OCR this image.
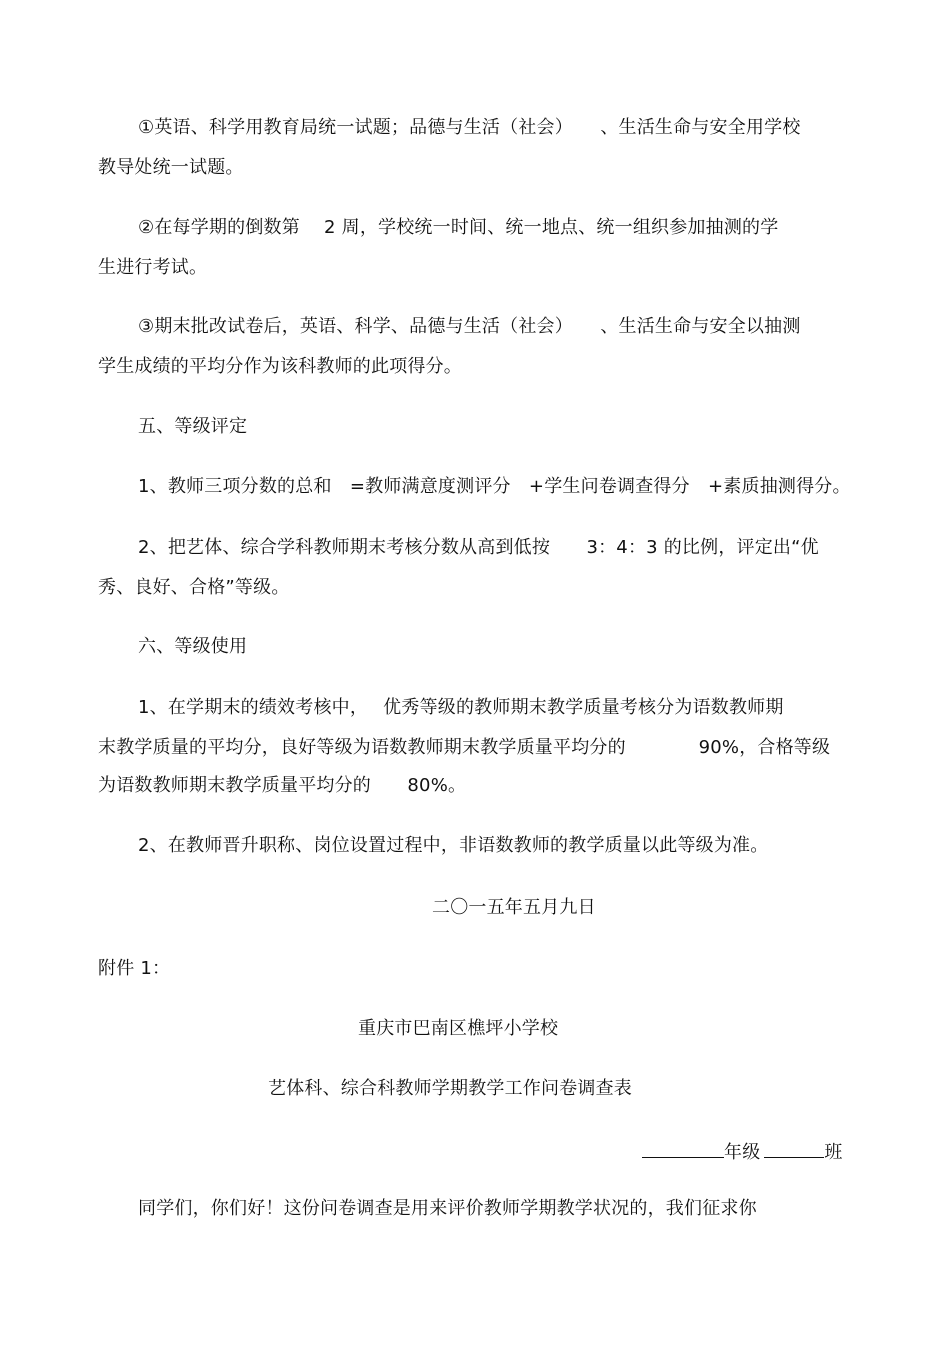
①英语、科学用教育局统一试题；品德与生活（社会）　　、生活生命与安全用学校
教导处统一试题。
②在每学期的倒数第　 2 周，学校统一时间、统一地点、统一组织参加抽测的学
生进行考试。
③期末批改试卷后，英语、科学、品德与生活（社会）　　、生活生命与安全以抽测
学生成绩的平均分作为该科教师的此项得分。
五、等级评定
1、教师三项分数的总和　=教师满意度测评分　+学生问卷调查得分　+素质抽测得分。
2、把艺体、综合学科教师期末考核分数从高到低按　　3：4：3 的比例，评定出“优
秀、良好、合格”等级。
六、等级使用
1、在学期末的绩效考核中，　 优秀等级的教师期末教学质量考核分为语数教师期
末教学质量的平均分，良好等级为语数教师期末教学质量平均分的　　　　90%，合格等级
为语数教师期末教学质量平均分的　　80%。
2、在教师晋升职称、岗位设置过程中，非语数教师的教学质量以此等级为准。
二〇一五年五月九日
附件 1：
重庆市巴南区樵坪小学校
艺体科、综合科教师学期教学工作问卷调查表
年级	班
同学们，你们好！这份问卷调查是用来评价教师学期教学状况的，我们征求你
